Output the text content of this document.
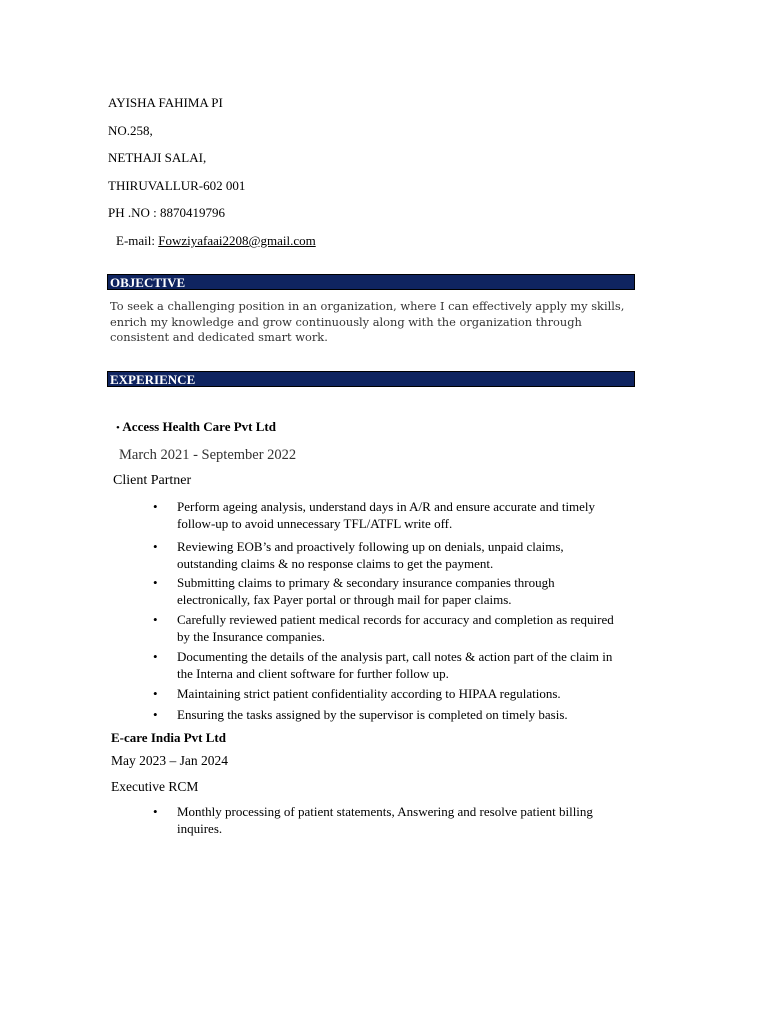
AYISHA FAHIMA PI
NO.258,
NETHAJI SALAI,
THIRUVALLUR-602 001
PH .NO : 8870419796
E-mail: Fowziyafaai2208@gmail.com
OBJECTIVE
To seek a challenging position in an organization, where I can effectively apply my skills, enrich my knowledge and grow continuously along with the organization through consistent and dedicated smart work.
EXPERIENCE
• Access Health Care Pvt Ltd
March 2021 - September 2022
Client Partner
• Perform ageing analysis, understand days in A/R and ensure accurate and timely follow-up to avoid unnecessary TFL/ATFL write off.
• Reviewing EOB’s and proactively following up on denials, unpaid claims, outstanding claims & no response claims to get the payment.
• Submitting claims to primary & secondary insurance companies through electronically, fax Payer portal or through mail for paper claims.
• Carefully reviewed patient medical records for accuracy and completion as required by the Insurance companies.
• Documenting the details of the analysis part, call notes & action part of the claim in the Interna and client software for further follow up.
• Maintaining strict patient confidentiality according to HIPAA regulations.
• Ensuring the tasks assigned by the supervisor is completed on timely basis.
E-care India Pvt Ltd
May 2023 – Jan 2024
Executive RCM
• Monthly processing of patient statements, Answering and resolve patient billing inquires.
